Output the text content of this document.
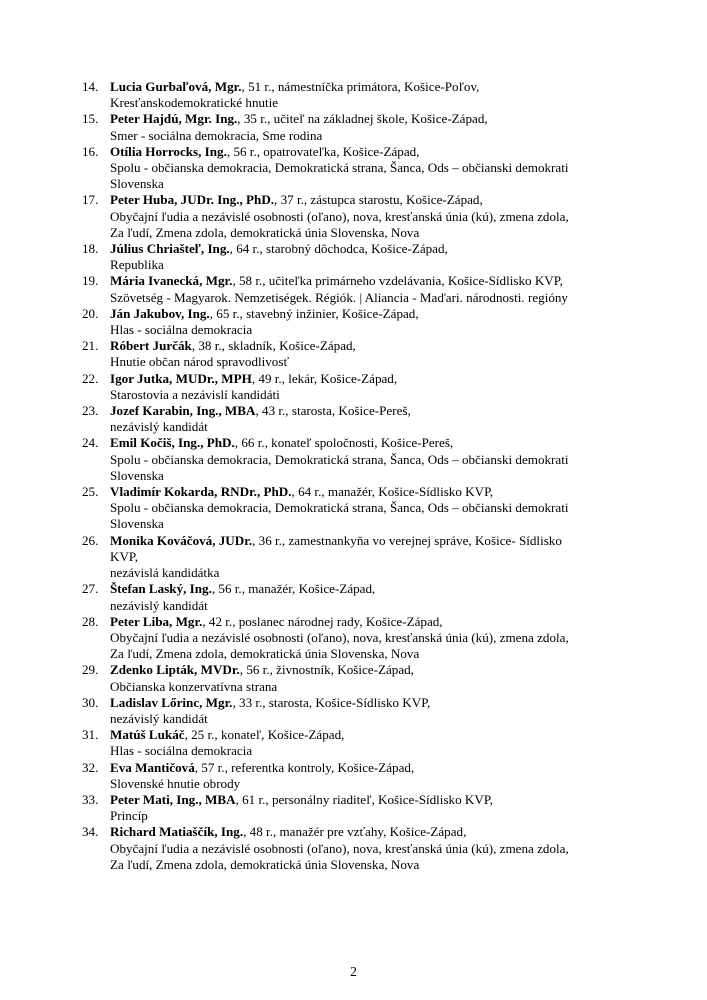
14. Lucia Gurbaľová, Mgr., 51 r., námestníčka primátora, Košice-Poľov,
Kresťanskodemokratické hnutie
15. Peter Hajdú, Mgr. Ing., 35 r., učiteľ na základnej škole, Košice-Západ,
Smer - sociálna demokracia, Sme rodina
16. Otília Horrocks, Ing., 56 r., opatrovateľka, Košice-Západ,
Spolu - občianska demokracia, Demokratická strana, Šanca, Ods – občianski demokrati
Slovenska
17. Peter Huba, JUDr. Ing., PhD., 37 r., zástupca starostu, Košice-Západ,
Obyčajní ľudia a nezávislé osobnosti (oľano), nova, kresťanská únia (kú), zmena zdola,
Za ľudí, Zmena zdola, demokratická únia Slovenska, Nova
18. Július Chriašteľ, Ing., 64 r., starobný dôchodca, Košice-Západ,
Republika
19. Mária Ivanecká, Mgr., 58 r., učiteľka primárneho vzdelávania, Košice-Sídlisko KVP,
Szövetség - Magyarok. Nemzetiségek. Régiók. | Aliancia - Maďari. národnosti. regióny
20. Ján Jakubov, Ing., 65 r., stavebný inžinier, Košice-Západ,
Hlas - sociálna demokracia
21. Róbert Jurčák, 38 r., skladník, Košice-Západ,
Hnutie občan národ spravodlivosť
22. Igor Jutka, MUDr., MPH, 49 r., lekár, Košice-Západ,
Starostovia a nezávislí kandidáti
23. Jozef Karabin, Ing., MBA, 43 r., starosta, Košice-Pereš,
nezávislý kandidát
24. Emil Kočiš, Ing., PhD., 66 r., konateľ spoločnosti, Košice-Pereš,
Spolu - občianska demokracia, Demokratická strana, Šanca, Ods – občianski demokrati
Slovenska
25. Vladimír Kokarda, RNDr., PhD., 64 r., manažér, Košice-Sídlisko KVP,
Spolu - občianska demokracia, Demokratická strana, Šanca, Ods – občianski demokrati
Slovenska
26. Monika Kováčová, JUDr., 36 r., zamestnankyňa vo verejnej správe, Košice- Sídlisko
KVP,
nezávislá kandidátka
27. Štefan Laský, Ing., 56 r., manažér, Košice-Západ,
nezávislý kandidát
28. Peter Liba, Mgr., 42 r., poslanec národnej rady, Košice-Západ,
Obyčajní ľudia a nezávislé osobnosti (oľano), nova, kresťanská únia (kú), zmena zdola,
Za ľudí, Zmena zdola, demokratická únia Slovenska, Nova
29. Zdenko Lipták, MVDr., 56 r., živnostník, Košice-Západ,
Občianska konzervatívna strana
30. Ladislav Lőrinc, Mgr., 33 r., starosta, Košice-Sídlisko KVP,
nezávislý kandidát
31. Matúš Lukáč, 25 r., konateľ, Košice-Západ,
Hlas - sociálna demokracia
32. Eva Mantičová, 57 r., referentka kontroly, Košice-Západ,
Slovenské hnutie obrody
33. Peter Mati, Ing., MBA, 61 r., personálny riaditeľ, Košice-Sídlisko KVP,
Princíp
34. Richard Matiaščík, Ing., 48 r., manažér pre vzťahy, Košice-Západ,
Obyčajní ľudia a nezávislé osobnosti (oľano), nova, kresťanská únia (kú), zmena zdola,
Za ľudí, Zmena zdola, demokratická únia Slovenska, Nova
2
